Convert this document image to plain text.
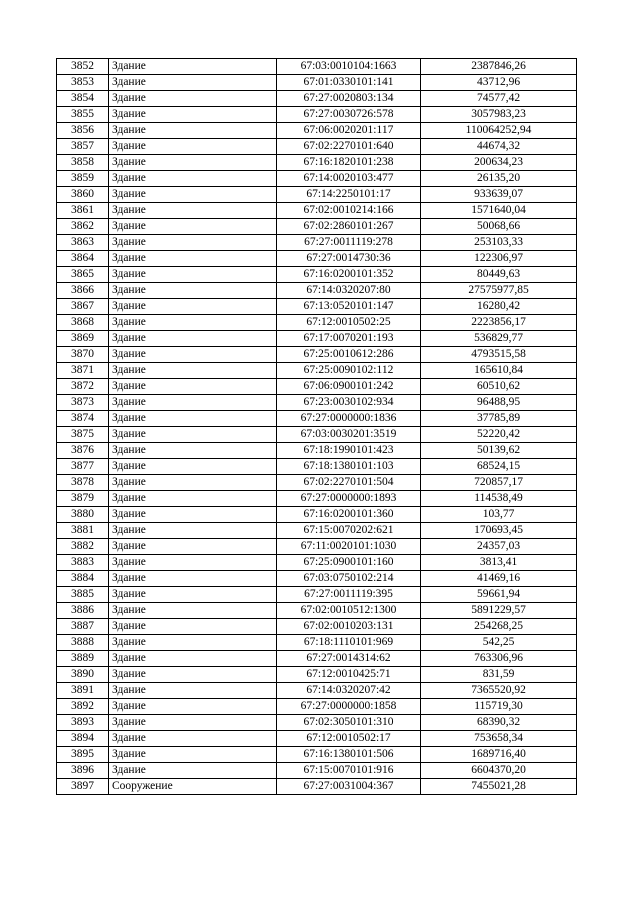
3852	Здание	67:03:0010104:1663	2387846,26
3853	Здание	67:01:0330101:141	43712,96
3854	Здание	67:27:0020803:134	74577,42
3855	Здание	67:27:0030726:578	3057983,23
3856	Здание	67:06:0020201:117	110064252,94
3857	Здание	67:02:2270101:640	44674,32
3858	Здание	67:16:1820101:238	200634,23
3859	Здание	67:14:0020103:477	26135,20
3860	Здание	67:14:2250101:17	933639,07
3861	Здание	67:02:0010214:166	1571640,04
3862	Здание	67:02:2860101:267	50068,66
3863	Здание	67:27:0011119:278	253103,33
3864	Здание	67:27:0014730:36	122306,97
3865	Здание	67:16:0200101:352	80449,63
3866	Здание	67:14:0320207:80	27575977,85
3867	Здание	67:13:0520101:147	16280,42
3868	Здание	67:12:0010502:25	2223856,17
3869	Здание	67:17:0070201:193	536829,77
3870	Здание	67:25:0010612:286	4793515,58
3871	Здание	67:25:0090102:112	165610,84
3872	Здание	67:06:0900101:242	60510,62
3873	Здание	67:23:0030102:934	96488,95
3874	Здание	67:27:0000000:1836	37785,89
3875	Здание	67:03:0030201:3519	52220,42
3876	Здание	67:18:1990101:423	50139,62
3877	Здание	67:18:1380101:103	68524,15
3878	Здание	67:02:2270101:504	720857,17
3879	Здание	67:27:0000000:1893	114538,49
3880	Здание	67:16:0200101:360	103,77
3881	Здание	67:15:0070202:621	170693,45
3882	Здание	67:11:0020101:1030	24357,03
3883	Здание	67:25:0900101:160	3813,41
3884	Здание	67:03:0750102:214	41469,16
3885	Здание	67:27:0011119:395	59661,94
3886	Здание	67:02:0010512:1300	5891229,57
3887	Здание	67:02:0010203:131	254268,25
3888	Здание	67:18:1110101:969	542,25
3889	Здание	67:27:0014314:62	763306,96
3890	Здание	67:12:0010425:71	831,59
3891	Здание	67:14:0320207:42	7365520,92
3892	Здание	67:27:0000000:1858	115719,30
3893	Здание	67:02:3050101:310	68390,32
3894	Здание	67:12:0010502:17	753658,34
3895	Здание	67:16:1380101:506	1689716,40
3896	Здание	67:15:0070101:916	6604370,20
3897	Сооружение	67:27:0031004:367	7455021,28
